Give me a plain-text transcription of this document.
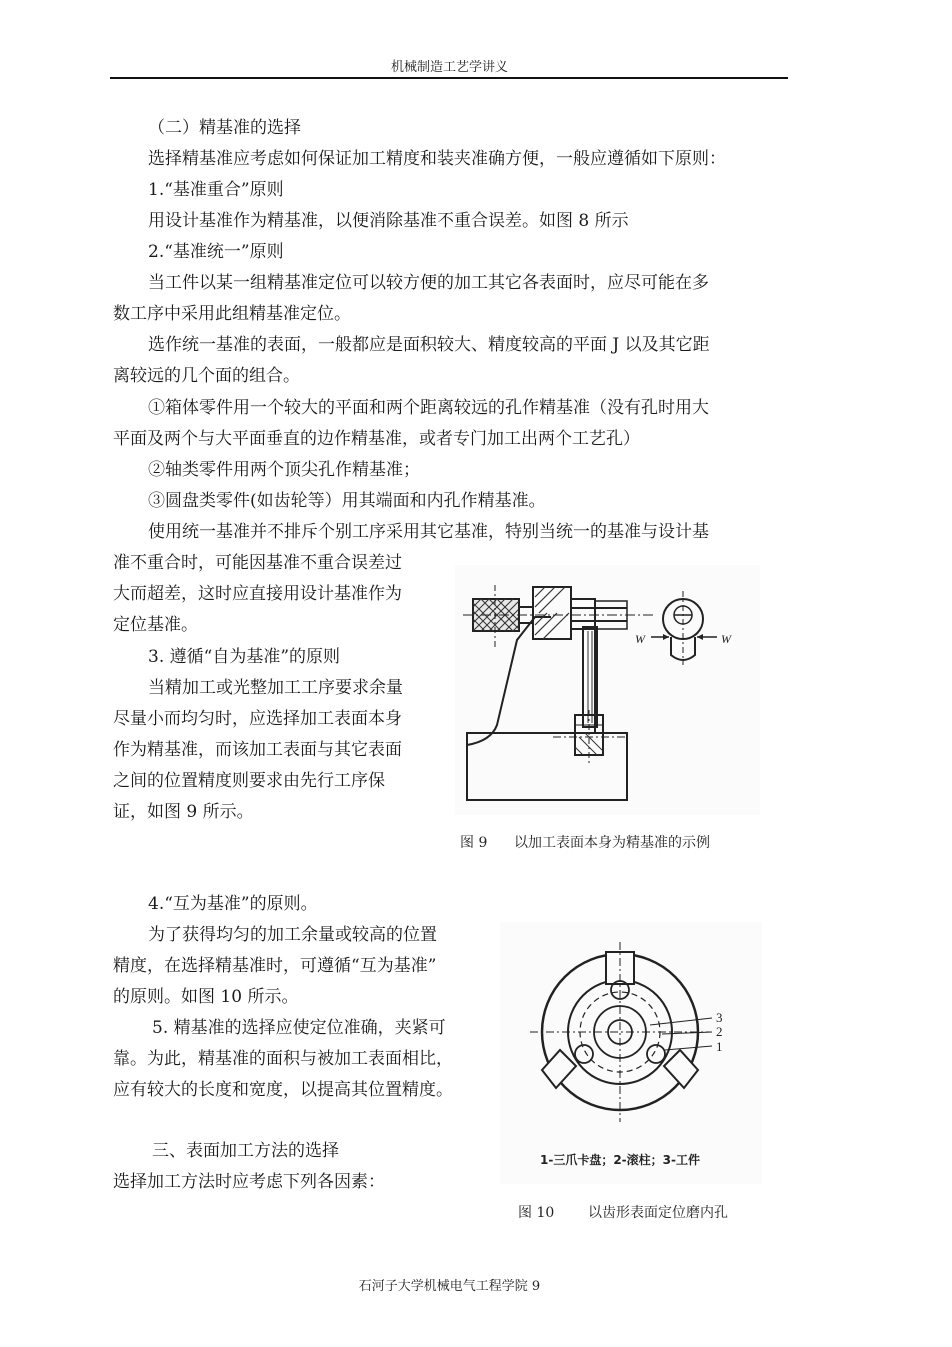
机械制造工艺学讲义
（二）精基准的选择
选择精基准应考虑如何保证加工精度和装夹准确方便，一般应遵循如下原则：
1.“基准重合”原则
用设计基准作为精基准，以便消除基准不重合误差。如图 8 所示
2.“基准统一”原则
当工件以某一组精基准定位可以较方便的加工其它各表面时，应尽可能在多
数工序中采用此组精基准定位。
选作统一基准的表面，一般都应是面积较大、精度较高的平面 J 以及其它距
离较远的几个面的组合。
①箱体零件用一个较大的平面和两个距离较远的孔作精基准（没有孔时用大
平面及两个与大平面垂直的边作精基准，或者专门加工出两个工艺孔）
②轴类零件用两个顶尖孔作精基准；
③圆盘类零件(如齿轮等）用其端面和内孔作精基准。
使用统一基准并不排斥个别工序采用其它基准，特别当统一的基准与设计基
准不重合时，可能因基准不重合误差过
大而超差，这时应直接用设计基准作为
定位基准。
3. 遵循“自为基准”的原则
当精加工或光整加工工序要求余量
尽量小而均匀时，应选择加工表面本身
作为精基准，而该加工表面与其它表面
之间的位置精度则要求由先行工序保
证，如图 9 所示。
W	W
图 9 以加工表面本身为精基准的示例
4.“互为基准”的原则。
为了获得均匀的加工余量或较高的位置
精度，在选择精基准时，可遵循“互为基准”
的原则。如图 10 所示。
5. 精基准的选择应使定位准确，夹紧可
靠。为此，精基准的面积与被加工表面相比，
应有较大的长度和宽度，以提高其位置精度。
3
2
1
1-三爪卡盘；2-滚柱；3-工件
三、表面加工方法的选择
选择加工方法时应考虑下列各因素：
图 10 以齿形表面定位磨内孔
石河子大学机械电气工程学院 9
